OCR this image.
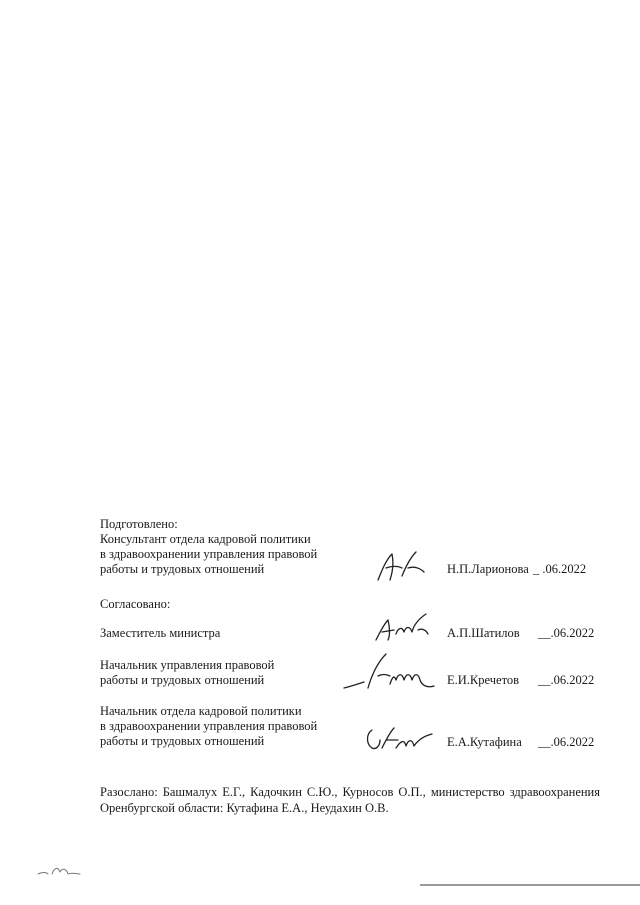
Подготовлено:
Консультант отдела кадровой политики
в здравоохранении управления правовой
работы и трудовых отношений	Н.П.Ларионова _ .06.2022
Согласовано:
Заместитель министра	А.П.Шатилов __.06.2022
Начальник управления правовой
работы и трудовых отношений	Е.И.Кречетов __.06.2022
Начальник отдела кадровой политики
в здравоохранении управления правовой
работы и трудовых отношений	Е.А.Кутафина __.06.2022
Разослано: Башмалух Е.Г., Кадочкин С.Ю., Курносов О.П., министерство здравоохранения Оренбургской области: Кутафина Е.А., Неудахин О.В.
